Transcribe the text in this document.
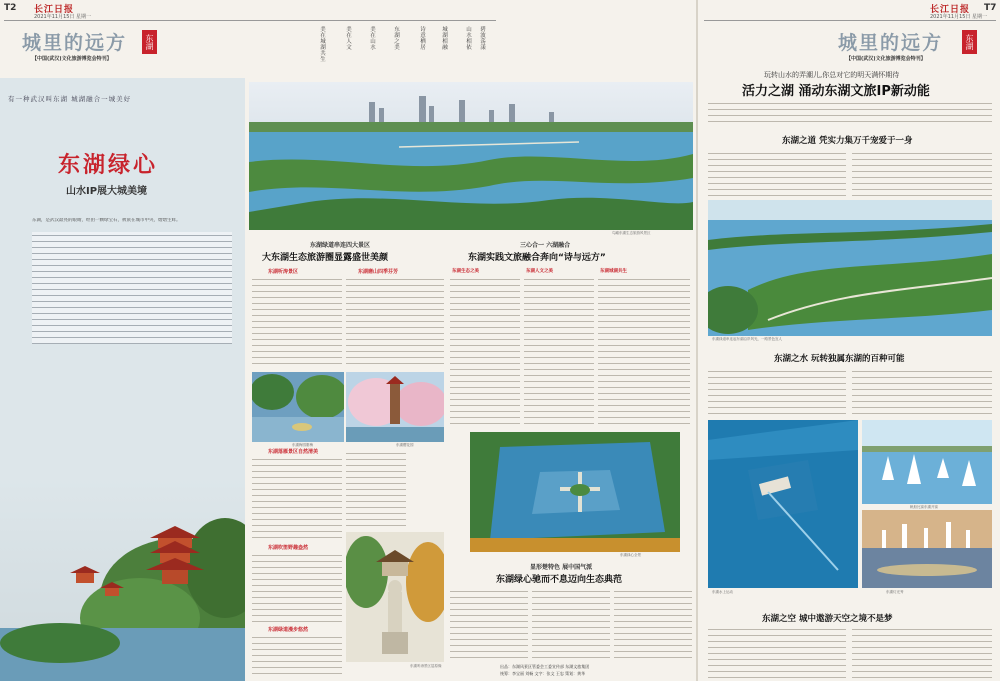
T2 长江日报
2021年11月15日 星期一
城里的远方	东湖
【中国(武汉)文化旅游博览会特刊】
碧波荡漾
山水相依
城湖相融
诗意栖居
东湖之美
美在山水
美在人文
美在城湖共生
有一种武汉叫东湖 城湖融合一城美好
东湖绿心
山水IP展大城美境
东湖，是武汉最亮的眼睛，经由一颗绿宝石，被嵌在城市中央，熠熠生辉。
鸟瞰东湖生态旅游风景区
东湖绿道串连四大景区
大东湖生态旅游圈显露盛世美颜
东湖听涛景区	东湖磨山四季芬芳
东湖梅园腊梅	东湖樱花园
东湖落雁景区自然清美
东湖吹笛野趣盎然
东湖绿道漫步悠然
东湖听涛景区屈原像
三心合一 六湖融合
东湖实践文旅融合奔向“诗与远方”
东湖生态之美	东湖人文之美	东湖城湖共生
东湖绿心全景
显形楚特色 展中国气派
东湖绿心驰而不息迈向生态典范
出品：东湖风景区管委会工委宣传部 东湖文旅集团
统筹：李宝丽 刘畅 文字：张文 王忠 策划：黄华
T7
长江日报
2021年11月15日 星期一
城里的远方	东湖
【中国(武汉)文化旅游博览会特刊】
玩转山水的弄潮儿,你总对它的明天满怀期待
活力之湖 涌动东湖文旅IP新动能
东湖之道 凭实力集万千宠爱于一身
东湖绿道串连起东湖沿岸风光，一路景色宜人
东湖之水 玩转独属东湖的百种可能
东湖水上运动
帆船比赛东湖开赛
东湖灯光秀
东湖之空 城中遨游天空之境不是梦
